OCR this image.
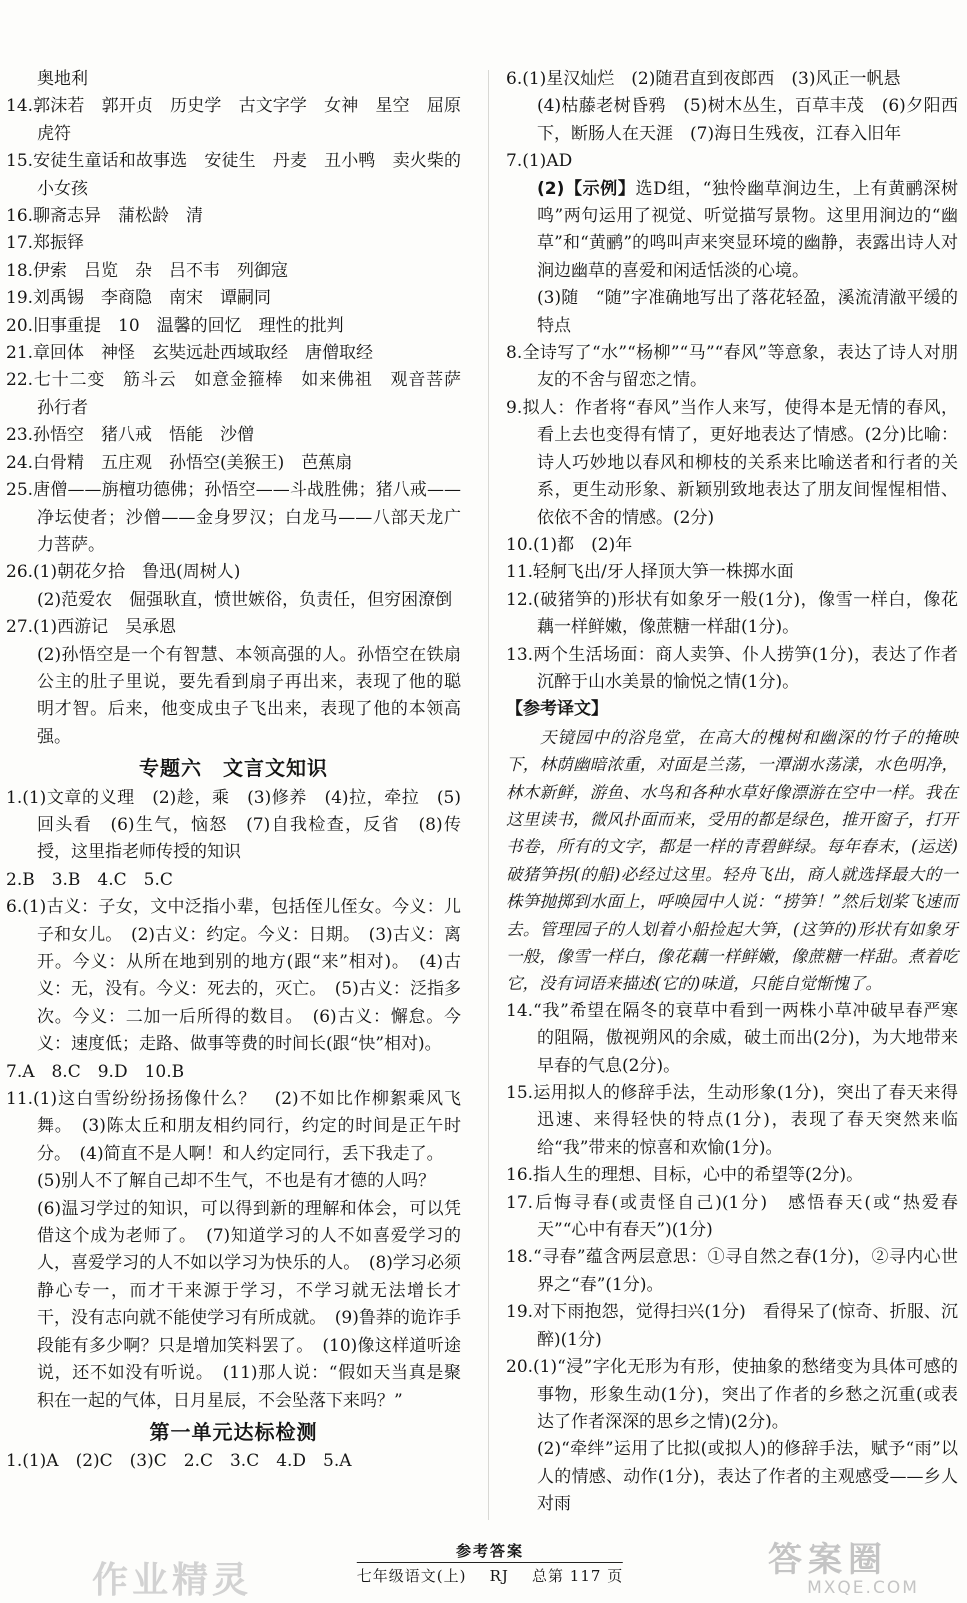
奥地利

14.郭沫若　郭开贞　历史学　古文字学　女神　星空　屈原　虎符

15.安徒生童话和故事选　安徒生　丹麦　丑小鸭　卖火柴的小女孩

16.聊斋志异　蒲松龄　清

17.郑振铎

18.伊索　吕览　杂　吕不韦　列御寇

19.刘禹锡　李商隐　南宋　谭嗣同

20.旧事重提　10　温馨的回忆　理性的批判

21.章回体　神怪　玄奘远赴西域取经　唐僧取经

22.七十二变　筋斗云　如意金箍棒　如来佛祖　观音菩萨　孙行者

23.孙悟空　猪八戒　悟能　沙僧

24.白骨精　五庄观　孙悟空(美猴王)　芭蕉扇

25.唐僧——旃檀功德佛；孙悟空——斗战胜佛；猪八戒——净坛使者；沙僧——金身罗汉；白龙马——八部天龙广力菩萨。

26.(1)朝花夕拾　鲁迅(周树人)

(2)范爱农　倔强耿直，愤世嫉俗，负责任，但穷困潦倒

27.(1)西游记　吴承恩

(2)孙悟空是一个有智慧、本领高强的人。孙悟空在铁扇公主的肚子里说，要先看到扇子再出来，表现了他的聪明才智。后来，他变成虫子飞出来，表现了他的本领高强。

专题六　文言文知识

1.(1)文章的义理　(2)趁，乘　(3)修养　(4)拉，牵拉　(5)回头看　(6)生气，恼怒　(7)自我检查，反省　(8)传授，这里指老师传授的知识

2.B　3.B　4.C　5.C

6.(1)古义：子女，文中泛指小辈，包括侄儿侄女。今义：儿子和女儿。　(2)古义：约定。今义：日期。　(3)古义：离开。今义：从所在地到别的地方(跟“来”相对)。　(4)古义：无，没有。今义：死去的，灭亡。　(5)古义：泛指多次。今义：二加一后所得的数目。　(6)古义：懈怠。今义：速度低；走路、做事等费的时间长(跟“快”相对)。

7.A　8.C　9.D　10.B

11.(1)这白雪纷纷扬扬像什么？　(2)不如比作柳絮乘风飞舞。　(3)陈太丘和朋友相约同行，约定的时间是正午时分。　(4)简直不是人啊！和人约定同行，丢下我走了。

(5)别人不了解自己却不生气，不也是有才德的人吗？

(6)温习学过的知识，可以得到新的理解和体会，可以凭借这个成为老师了。　(7)知道学习的人不如喜爱学习的人，喜爱学习的人不如以学习为快乐的人。　(8)学习必须静心专一，而才干来源于学习，不学习就无法增长才干，没有志向就不能使学习有所成就。　(9)鲁莽的诡诈手段能有多少啊？只是增加笑料罢了。　(10)像这样道听途说，还不如没有听说。　(11)那人说：“假如天当真是聚积在一起的气体，日月星辰，不会坠落下来吗？”

第一单元达标检测

1.(1)A　(2)C　(3)C　2.C　3.C　4.D　5.A

6.(1)星汉灿烂　(2)随君直到夜郎西　(3)风正一帆悬

(4)枯藤老树昏鸦　(5)树木丛生，百草丰茂　(6)夕阳西下，断肠人在天涯　(7)海日生残夜，江春入旧年

7.(1)AD

(2)【示例】选D组，“独怜幽草涧边生，上有黄鹂深树鸣”两句运用了视觉、听觉描写景物。这里用涧边的“幽草”和“黄鹂”的鸣叫声来突显环境的幽静，表露出诗人对涧边幽草的喜爱和闲适恬淡的心境。

(3)随　“随”字准确地写出了落花轻盈，溪流清澈平缓的特点

8.全诗写了“水”“杨柳”“马”“春风”等意象，表达了诗人对朋友的不舍与留恋之情。

9.拟人：作者将“春风”当作人来写，使得本是无情的春风，看上去也变得有情了，更好地表达了情感。(2分)比喻：诗人巧妙地以春风和柳枝的关系来比喻送者和行者的关系，更生动形象、新颖别致地表达了朋友间惺惺相惜、依依不舍的情感。(2分)

10.(1)都　(2)年

11.轻舸飞出/牙人择顶大笋一株掷水面

12.(破猪笋的)形状有如象牙一般(1分)，像雪一样白，像花藕一样鲜嫩，像蔗糖一样甜(1分)。

13.两个生活场面：商人卖笋、仆人捞笋(1分)，表达了作者沉醉于山水美景的愉悦之情(1分)。

【参考译文】

天镜园中的浴凫堂，在高大的槐树和幽深的竹子的掩映下，林荫幽暗浓重，对面是兰荡，一潭湖水荡漾，水色明净，林木新鲜，游鱼、水鸟和各种水草好像漂游在空中一样。我在这里读书，微风扑面而来，受用的都是绿色，推开窗子，打开书卷，所有的文字，都是一样的青碧鲜绿。每年春末，(运送)破猪笋拐(的船)必经过这里。轻舟飞出，商人就选择最大的一株笋抛掷到水面上，呼唤园中人说：“捞笋！”然后划桨飞速而去。管理园子的人划着小船捡起大笋，(这笋的)形状有如象牙一般，像雪一样白，像花藕一样鲜嫩，像蔗糖一样甜。煮着吃它，没有词语来描述(它的)味道，只能自觉惭愧了。

14.“我”希望在隔冬的衰草中看到一两株小草冲破早春严寒的阻隔，傲视朔风的余威，破土而出(2分)，为大地带来早春的气息(2分)。

15.运用拟人的修辞手法，生动形象(1分)，突出了春天来得迅速、来得轻快的特点(1分)，表现了春天突然来临给“我”带来的惊喜和欢愉(1分)。

16.指人生的理想、目标，心中的希望等(2分)。

17.后悔寻春(或责怪自己)(1分)　感悟春天(或“热爱春天”“心中有春天”)(1分)

18.“寻春”蕴含两层意思：①寻自然之春(1分)，②寻内心世界之“春”(1分)。

19.对下雨抱怨，觉得扫兴(1分)　看得呆了(惊奇、折服、沉醉)(1分)

20.(1)“浸”字化无形为有形，使抽象的愁绪变为具体可感的事物，形象生动(1分)，突出了作者的乡愁之沉重(或表达了作者深深的思乡之情)(2分)。

(2)“牵绊”运用了比拟(或拟人)的修辞手法，赋予“雨”以人的情感、动作(1分)，表达了作者的主观感受——乡人对雨

参考答案
七年级语文(上) RJ 总第 117 页
作业精灵	答案圈
MXQE.COM
